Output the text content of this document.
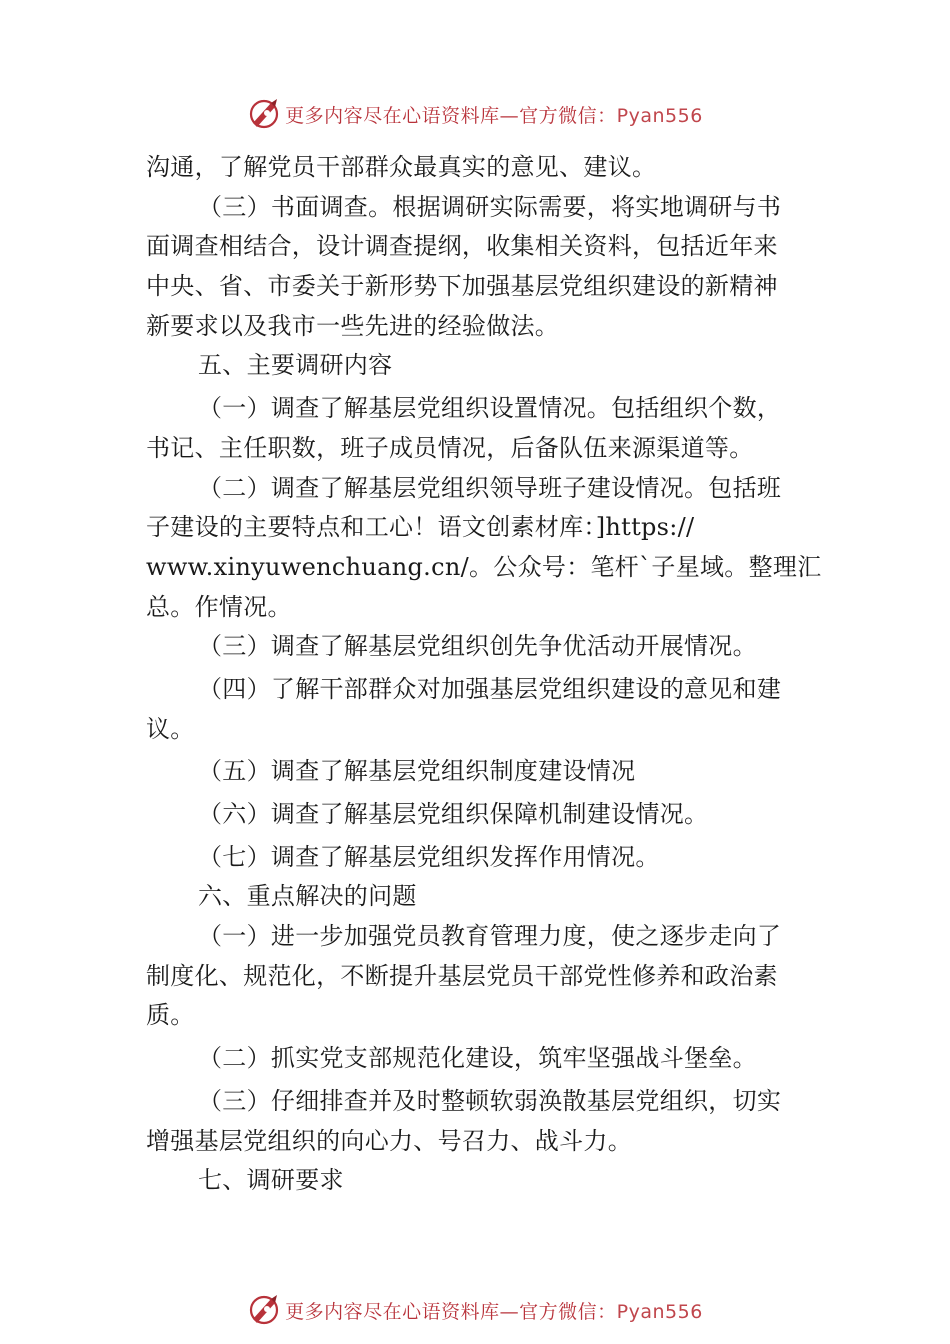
更多内容尽在心语资料库—官方微信：Pyan556
沟通，了解党员干部群众最真实的意见、建议。
（三）书面调查。根据调研实际需要，将实地调研与书
面调查相结合，设计调查提纲，收集相关资料，包括近年来
中央、省、市委关于新形势下加强基层党组织建设的新精神
新要求以及我市一些先进的经验做法。
五、主要调研内容
（一）调查了解基层党组织设置情况。包括组织个数，
书记、主任职数，班子成员情况，后备队伍来源渠道等。
（二）调查了解基层党组织领导班子建设情况。包括班
子建设的主要特点和工心！语文创素材库：]https://
www.xinyuwenchuang.cn/。公众号：笔杆`子星域。整理汇
总。作情况。
（三）调查了解基层党组织创先争优活动开展情况。
（四）了解干部群众对加强基层党组织建设的意见和建
议。
（五）调查了解基层党组织制度建设情况
（六）调查了解基层党组织保障机制建设情况。
（七）调查了解基层党组织发挥作用情况。
六、重点解决的问题
（一）进一步加强党员教育管理力度，使之逐步走向了
制度化、规范化，不断提升基层党员干部党性修养和政治素
质。
（二）抓实党支部规范化建设，筑牢坚强战斗堡垒。
（三）仔细排查并及时整顿软弱涣散基层党组织，切实
增强基层党组织的向心力、号召力、战斗力。
七、调研要求
更多内容尽在心语资料库—官方微信：Pyan556
